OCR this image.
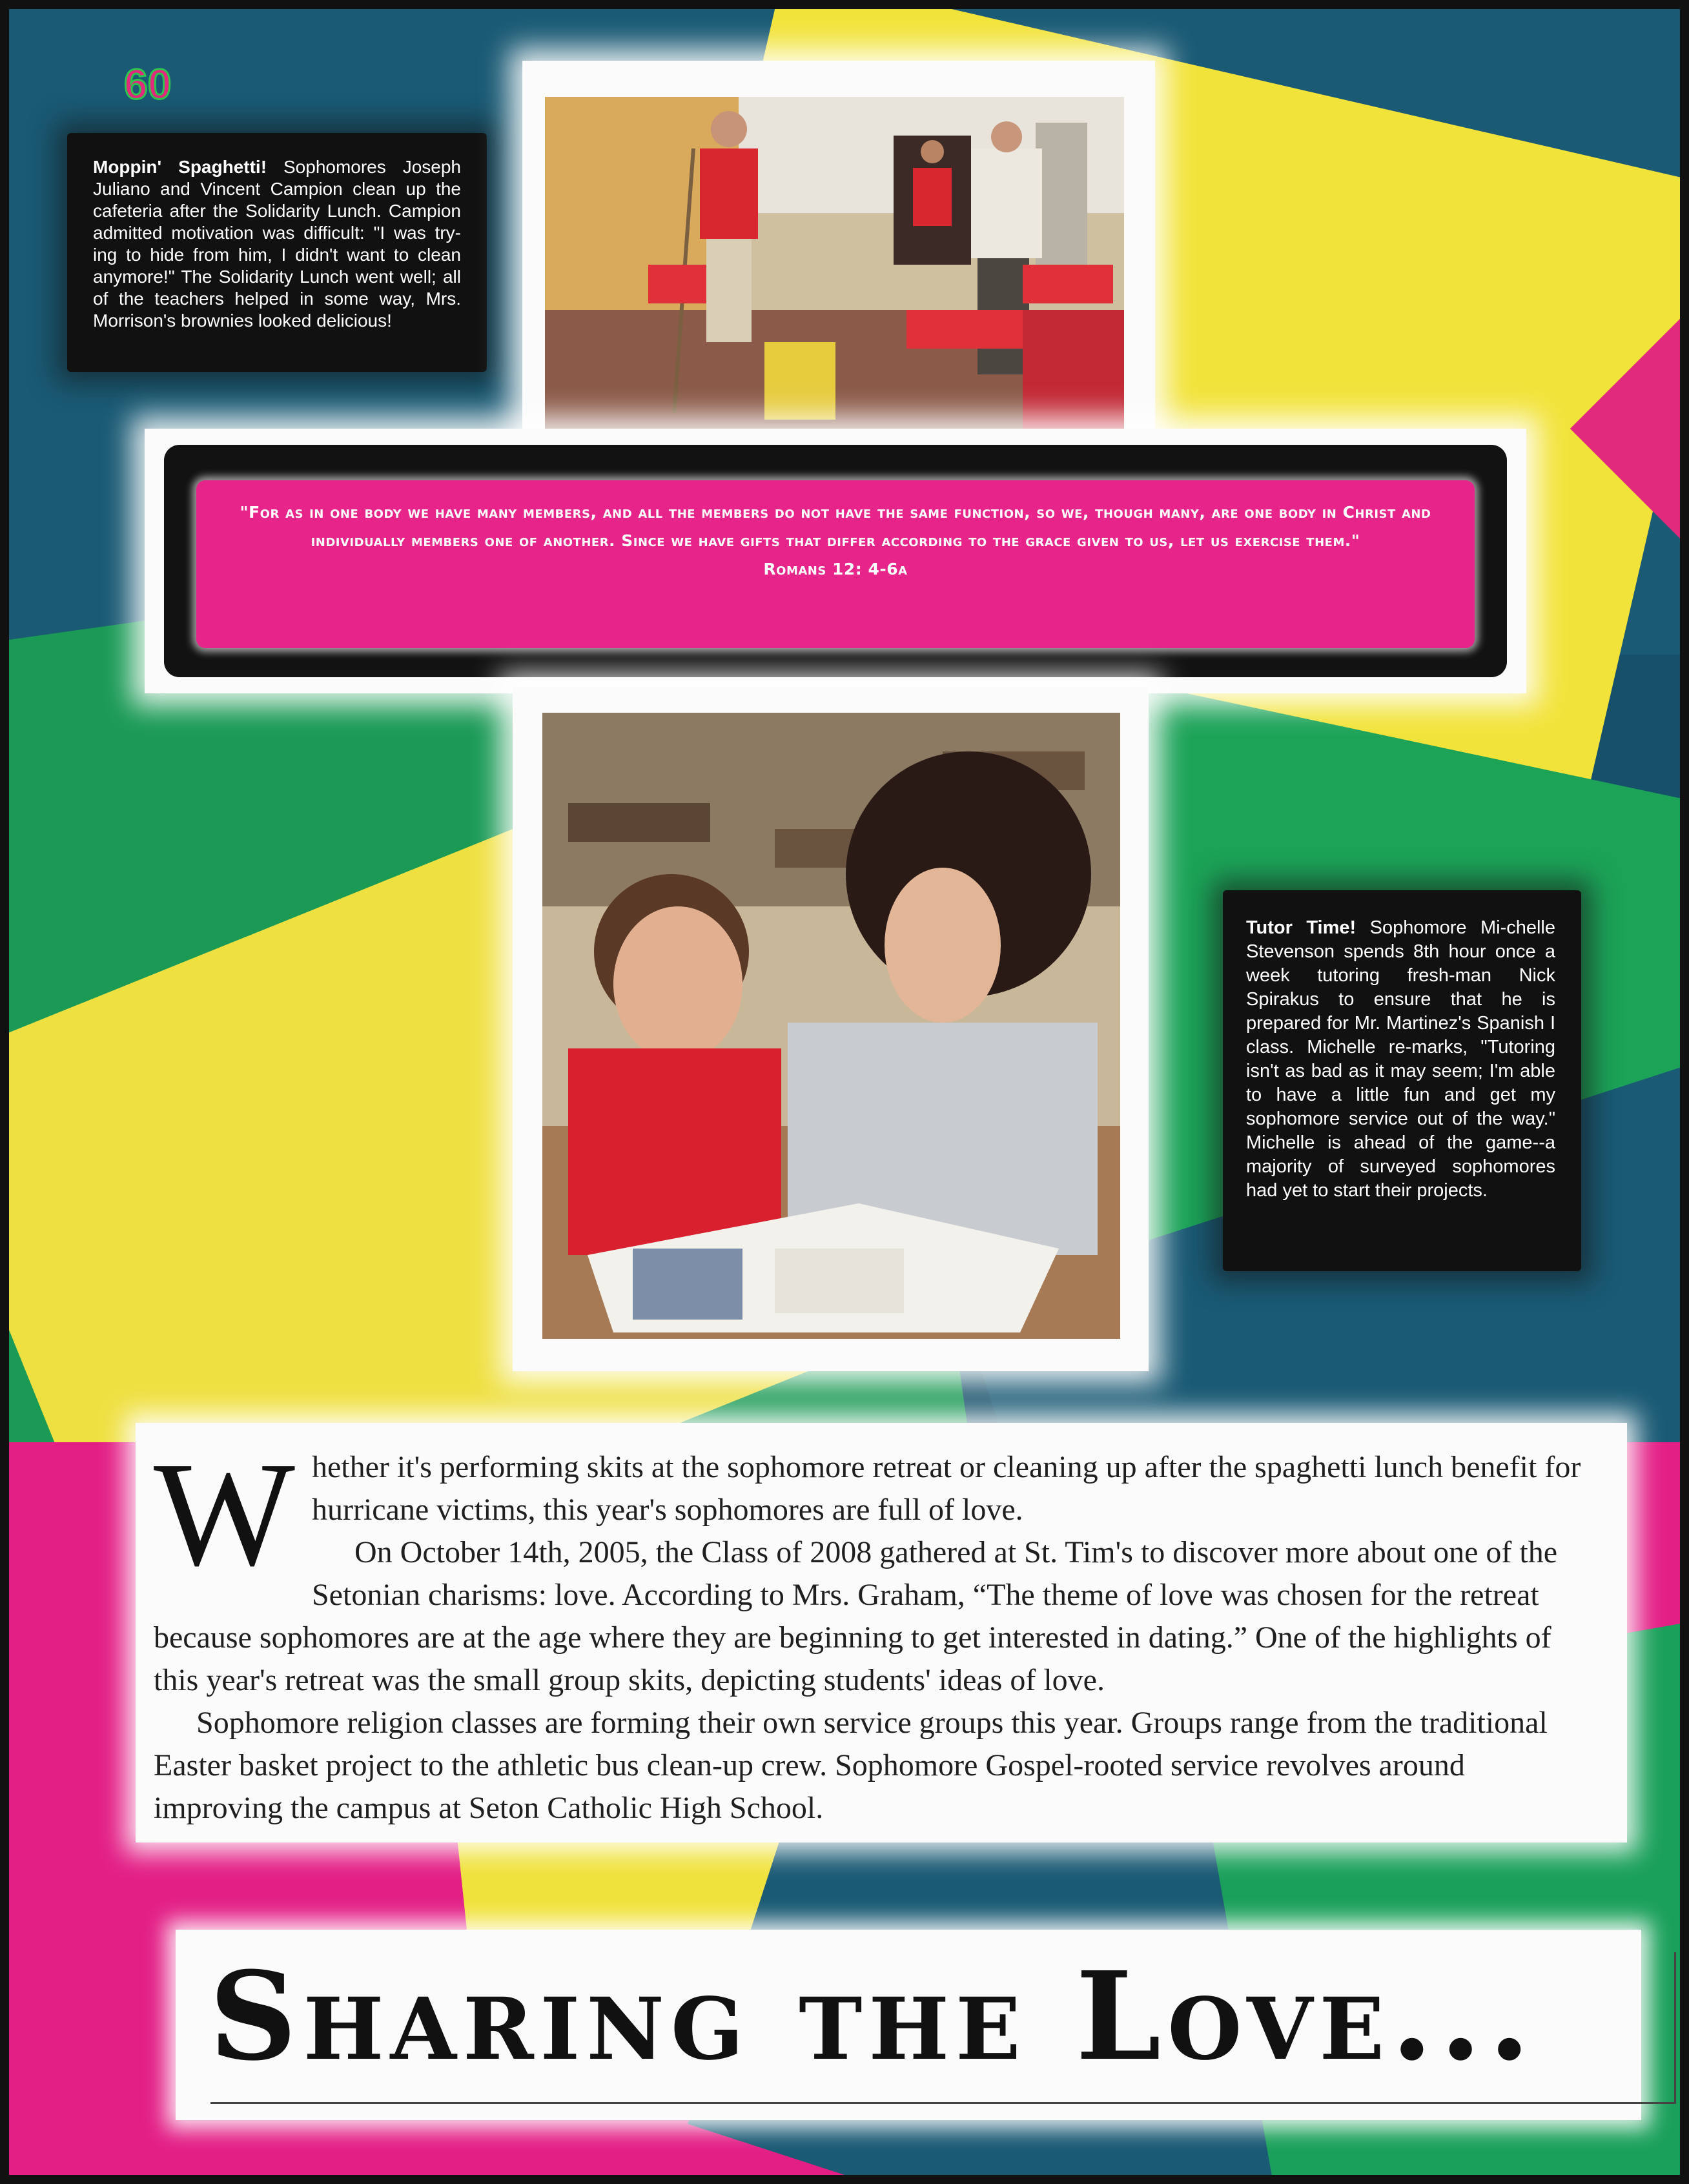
60
Moppin' Spaghetti! Sophomores Joseph Juliano and Vincent Campion clean up the cafeteria after the Solidarity Lunch. Campion admitted motivation was difficult: "I was try-ing to hide from him, I didn't want to clean anymore!" The Solidarity Lunch went well; all of the teachers helped in some way, Mrs. Morrison's brownies looked delicious!
"For as in one body we have many members, and all the members do not have the same function, so we, though many, are one body in Christ and individually members one of another. Since we have gifts that differ according to the grace given to us, let us exercise them."
Romans 12: 4-6a
Tutor Time! Sophomore Mi-chelle Stevenson spends 8th hour once a week tutoring fresh-man Nick Spirakus to ensure that he is prepared for Mr. Martinez's Spanish I class. Michelle re-marks, "Tutoring isn't as bad as it may seem; I'm able to have a little fun and get my sophomore service out of the way." Michelle is ahead of the game--a majority of surveyed sophomores had yet to start their projects.
W hether it's performing skits at the sophomore retreat or cleaning up after the spaghetti lunch benefit for hurricane victims, this year's sophomores are full of love.

On October 14th, 2005, the Class of 2008 gathered at St. Tim's to discover more about one of the Setonian charisms: love. According to Mrs. Graham, “The theme of love was chosen for the retreat because sophomores are at the age where they are beginning to get interested in dating.” One of the highlights of this year's retreat was the small group skits, depicting students' ideas of love.

Sophomore religion classes are forming their own service groups this year. Groups range from the traditional Easter basket project to the athletic bus clean-up crew. Sophomore Gospel-rooted service revolves around improving the campus at Seton Catholic High School.

Sharing the Love...
